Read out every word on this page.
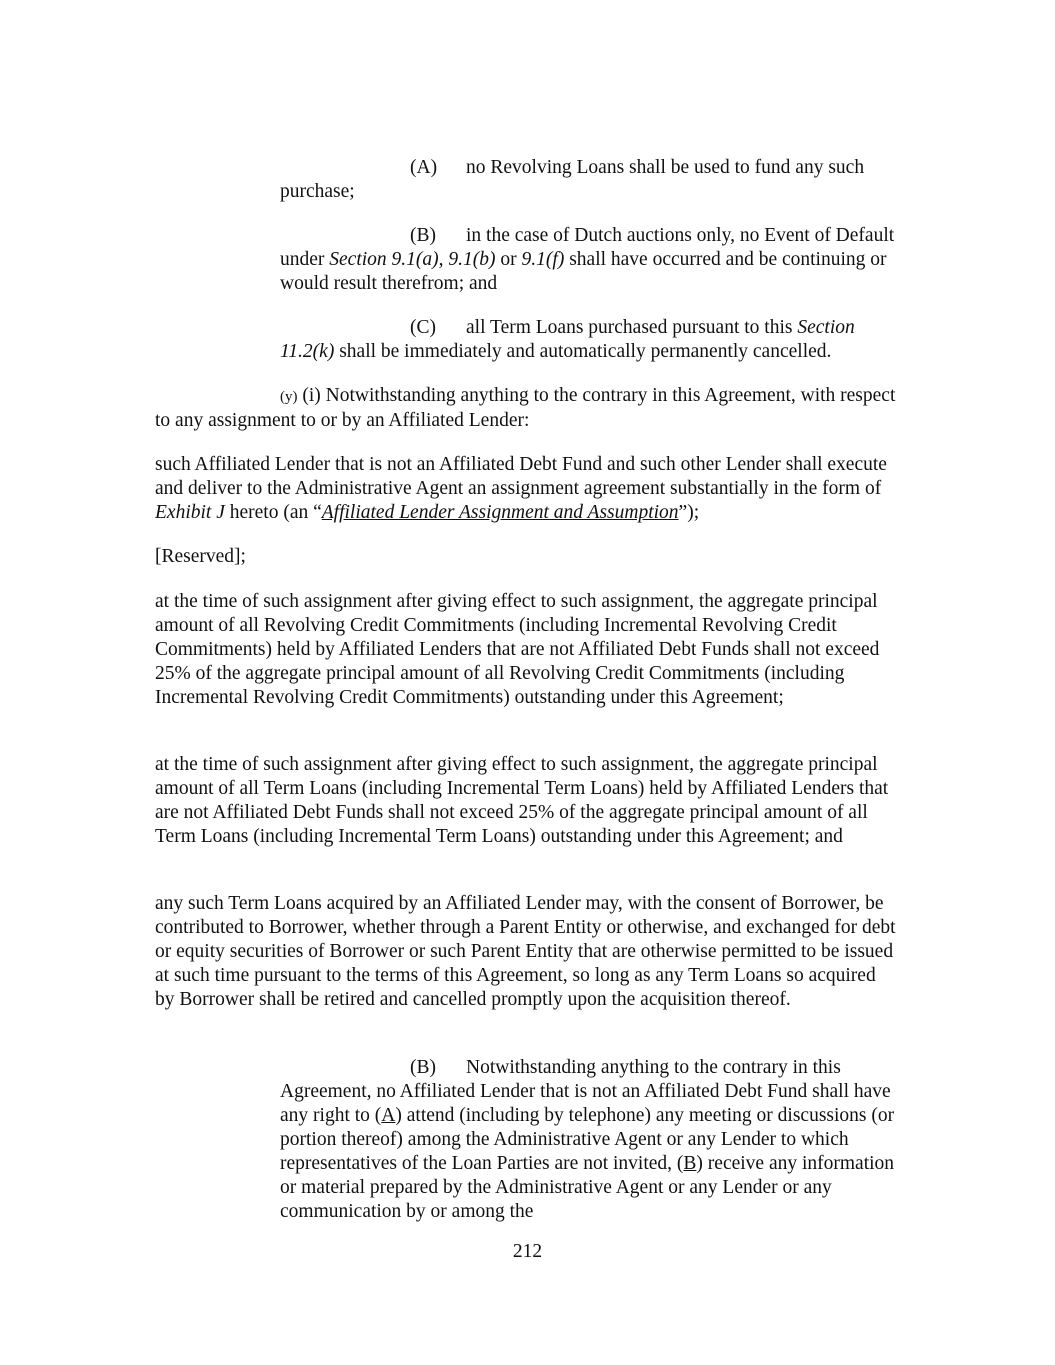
(A) no Revolving Loans shall be used to fund any such purchase;

(B) in the case of Dutch auctions only, no Event of Default under Section 9.1(a), 9.1(b) or 9.1(f) shall have occurred and be continuing or would result therefrom; and

(C) all Term Loans purchased pursuant to this Section 11.2(k) shall be immediately and automatically permanently cancelled.

(y) (i) Notwithstanding anything to the contrary in this Agreement, with respect to any assignment to or by an Affiliated Lender:

such Affiliated Lender that is not an Affiliated Debt Fund and such other Lender shall execute and deliver to the Administrative Agent an assignment agreement substantially in the form of Exhibit J hereto (an “Affiliated Lender Assignment and Assumption”);

[Reserved];

at the time of such assignment after giving effect to such assignment, the aggregate principal amount of all Revolving Credit Commitments (including Incremental Revolving Credit Commitments) held by Affiliated Lenders that are not Affiliated Debt Funds shall not exceed 25% of the aggregate principal amount of all Revolving Credit Commitments (including Incremental Revolving Credit Commitments) outstanding under this Agreement;

at the time of such assignment after giving effect to such assignment, the aggregate principal amount of all Term Loans (including Incremental Term Loans) held by Affiliated Lenders that are not Affiliated Debt Funds shall not exceed 25% of the aggregate principal amount of all Term Loans (including Incremental Term Loans) outstanding under this Agreement; and

any such Term Loans acquired by an Affiliated Lender may, with the consent of Borrower, be contributed to Borrower, whether through a Parent Entity or otherwise, and exchanged for debt or equity securities of Borrower or such Parent Entity that are otherwise permitted to be issued at such time pursuant to the terms of this Agreement, so long as any Term Loans so acquired by Borrower shall be retired and cancelled promptly upon the acquisition thereof.

(B) Notwithstanding anything to the contrary in this Agreement, no Affiliated Lender that is not an Affiliated Debt Fund shall have any right to (A) attend (including by telephone) any meeting or discussions (or portion thereof) among the Administrative Agent or any Lender to which representatives of the Loan Parties are not invited, (B) receive any information or material prepared by the Administrative Agent or any Lender or any communication by or among the

212
